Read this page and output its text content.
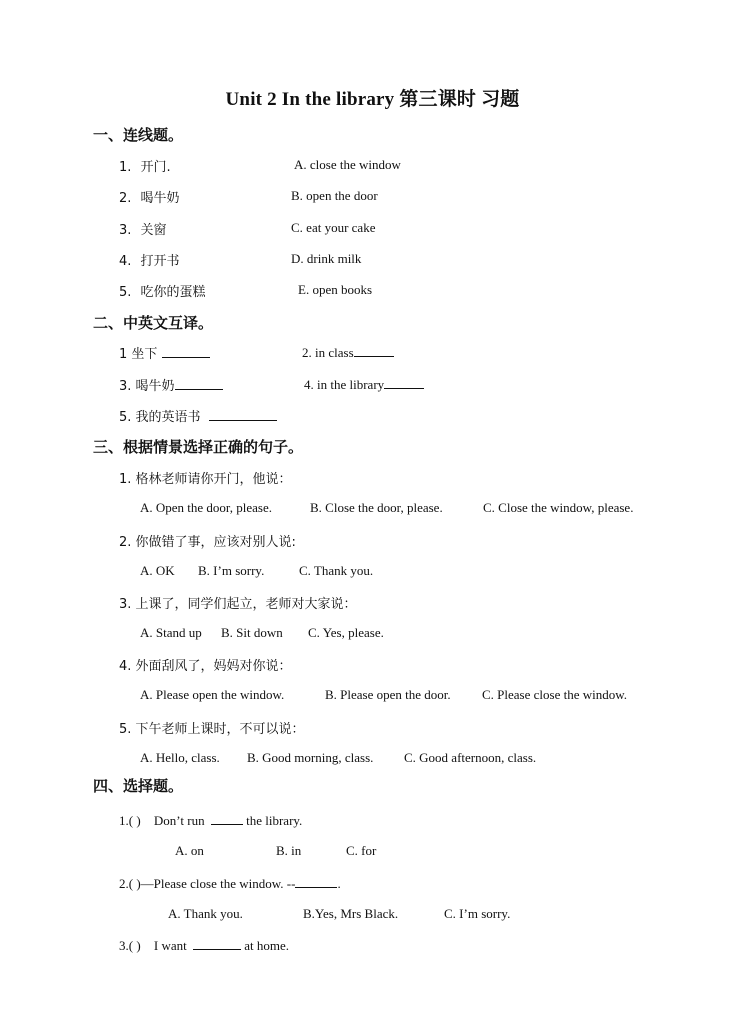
Unit 2 In the library 第三课时 习题
一、连线题。
1. 开门.	A. close the window
2. 喝牛奶	B. open the door
3. 关窗	C. eat your cake
4. 打开书	D. drink milk
5. 吃你的蛋糕	E. open books
二、中英文互译。
1 坐下	2. in class
3. 喝牛奶	4. in the library
5. 我的英语书
三、根据情景选择正确的句子。
1. 格林老师请你开门，他说：
A. Open the door, please.	B. Close the door, please.	C. Close the window, please.
2. 你做错了事，应该对别人说:
A. OK B. I’m sorry.	C. Thank you.
3. 上课了，同学们起立，老师对大家说：
A. Stand up B. Sit down C. Yes, please.
4. 外面刮风了，妈妈对你说：
A. Please open the window.	B. Please open the door. C. Please close the window.
5. 下午老师上课时，不可以说：
A. Hello, class. B. Good morning, class. C. Good afternoon, class.
四、选择题。
1.( ) Don’t run	the library.
A. on	B. in	C. for
2.( )—Please close the window. --	.
A. Thank you.	B.Yes, Mrs Black.	C. I’m sorry.
3.( ) I want	at home.
